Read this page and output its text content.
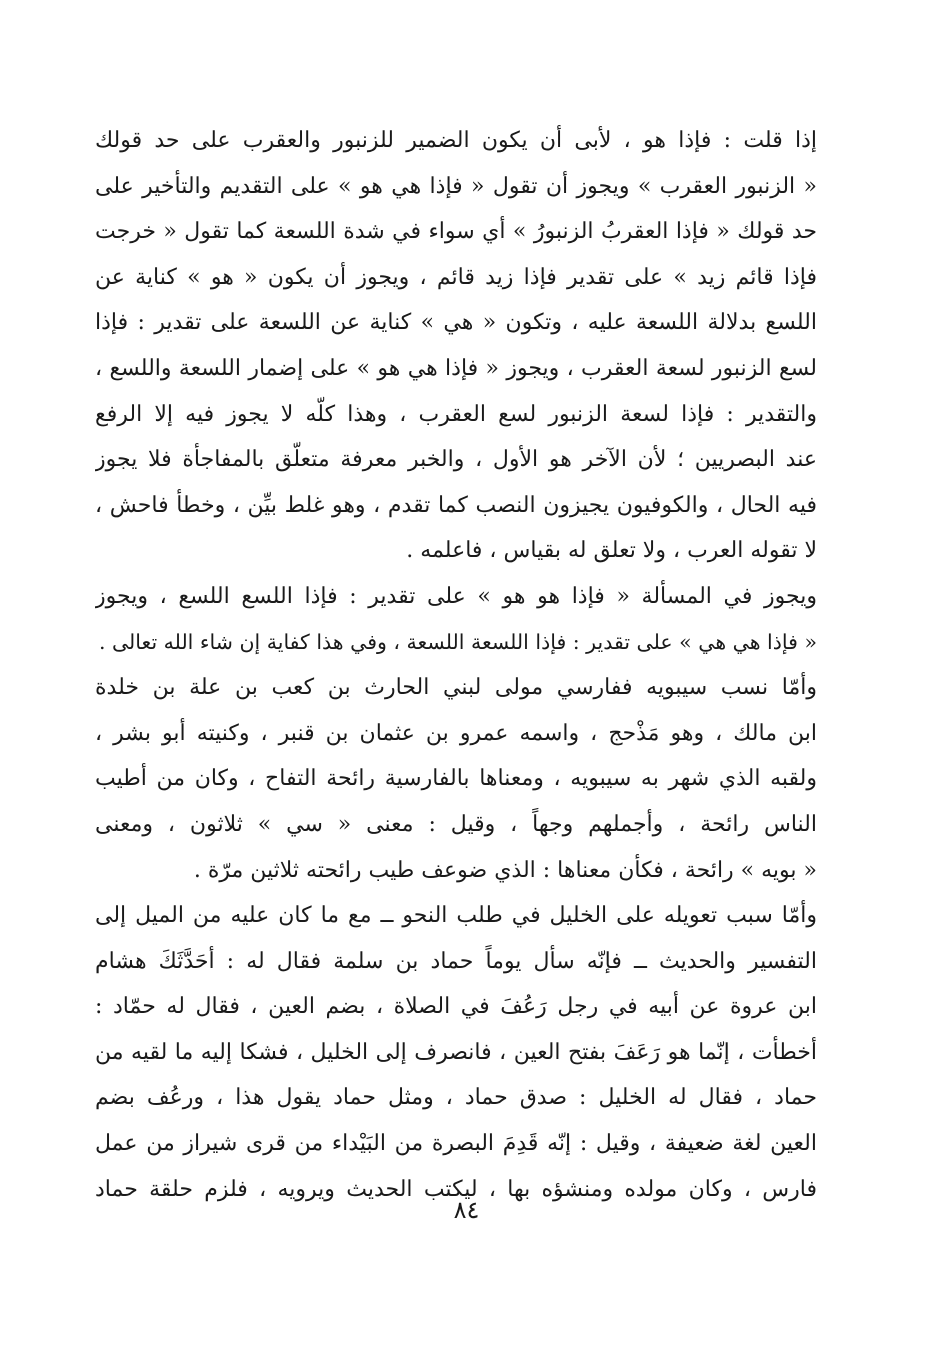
إذا قلت : فإذا هو ، لأبى أن يكون الضمير للزنبور والعقرب على حد قولك
« الزنبور العقرب » ويجوز أن تقول « فإذا هي هو » على التقديم والتأخير على
حد قولك « فإذا العقربُ الزنبورُ » أي سواء في شدة اللسعة كما تقول « خرجت
فإذا قائم زيد » على تقدير فإذا زيد قائم ، ويجوز أن يكون « هو » كناية عن
اللسع بدلالة اللسعة عليه ، وتكون « هي » كناية عن اللسعة على تقدير : فإذا
لسع الزنبور لسعة العقرب ، ويجوز « فإذا هي هو » على إضمار اللسعة واللسع ،
والتقدير : فإذا لسعة الزنبور لسع العقرب ، وهذا كلّه لا يجوز فيه إلا الرفع
عند البصريين ؛ لأن الآخر هو الأول ، والخبر معرفة متعلّق بالمفاجأة فلا يجوز
فيه الحال ، والكوفيون يجيزون النصب كما تقدم ، وهو غلط بيِّن ، وخطأ فاحش ،
لا تقوله العرب ، ولا تعلق له بقياس ، فاعلمه .
ويجوز في المسألة « فإذا هو هو » على تقدير : فإذا اللسع اللسع ، ويجوز
« فإذا هي هي » على تقدير : فإذا اللسعة اللسعة ، وفي هذا كفاية إن شاء الله تعالى .
وأمّا نسب سيبويه ففارسي مولى لبني الحارث بن كعب بن علة بن خلدة
ابن مالك ، وهو مَذْحج ، واسمه عمرو بن عثمان بن قنبر ، وكنيته أبو بشر ،
ولقبه الذي شهر به سيبويه ، ومعناها بالفارسية رائحة التفاح ، وكان من أطيب
الناس رائحة ، وأجملهم وجهاً ، وقيل : معنى « سي » ثلاثون ، ومعنى
« بويه » رائحة ، فكأن معناها : الذي ضوعف طيب رائحته ثلاثين مرّة .
وأمّا سبب تعويله على الخليل في طلب النحو ــ مع ما كان عليه من الميل إلى
التفسير والحديث ــ فإنّه سأل يوماً حماد بن سلمة فقال له : أحَدَّثَكَ هشام
ابن عروة عن أبيه في رجل رَعُفَ في الصلاة ، بضم العين ، فقال له حمّاد :
أخطأت ، إنّما هو رَعَفَ بفتح العين ، فانصرف إلى الخليل ، فشكا إليه ما لقيه من
حماد ، فقال له الخليل : صدق حماد ، ومثل حماد يقول هذا ، ورعُف بضم
العين لغة ضعيفة ، وقيل : إنّه قَدِمَ البصرة من البَيْداء من قرى شيراز من عمل
فارس ، وكان مولده ومنشؤه بها ، ليكتب الحديث ويرويه ، فلزم حلقة حماد
٨٤
